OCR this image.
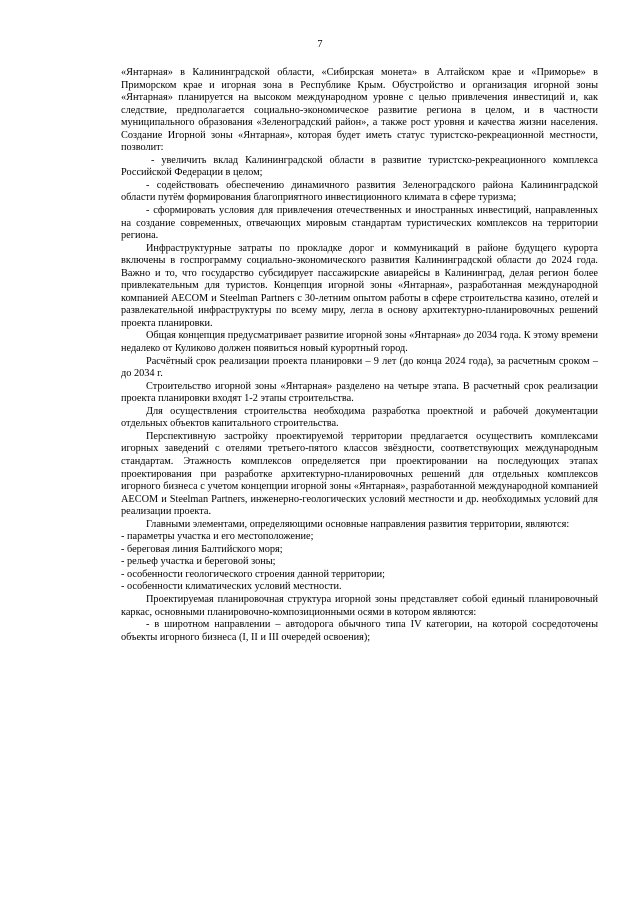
7

«Янтарная» в Калининградской области, «Сибирская монета» в Алтайском крае и «Приморье» в Приморском крае и игорная зона в Республике Крым. Обустройство и организация игорной зоны «Янтарная» планируется на высоком международном уровне с целью привлечения инвестиций и, как следствие, предполагается социально-экономическое развитие региона в целом, и в частности муниципального образования «Зеленоградский район», а также рост уровня и качества жизни населения. Создание Игорной зоны «Янтарная», которая будет иметь статус туристско-рекреационной местности, позволит:

- увеличить вклад Калининградской области в развитие туристско-рекреационного комплекса Российской Федерации в целом;

- содействовать обеспечению динамичного развития Зеленоградского района Калининградской области путём формирования благоприятного инвестиционного климата в сфере туризма;

- сформировать условия для привлечения отечественных и иностранных инвестиций, направленных на создание современных, отвечающих мировым стандартам туристических комплексов на территории региона.

Инфраструктурные затраты по прокладке дорог и коммуникаций в районе будущего курорта включены в госпрограмму социально-экономического развития Калининградской области до 2024 года. Важно и то, что государство субсидирует пассажирские авиарейсы в Калининград, делая регион более привлекательным для туристов. Концепция игорной зоны «Янтарная», разработанная международной компанией AECOM и Steelman Partners с 30-летним опытом работы в сфере строительства казино, отелей и развлекательной инфраструктуры по всему миру, легла в основу архитектурно-планировочных решений проекта планировки.

Общая концепция предусматривает развитие игорной зоны «Янтарная» до 2034 года. К этому времени недалеко от Куликово должен появиться новый курортный город.

Расчётный срок реализации проекта планировки – 9 лет (до конца 2024 года), за расчетным сроком – до 2034 г.

Строительство игорной зоны «Янтарная» разделено на четыре этапа. В расчетный срок реализации проекта планировки входят 1-2 этапы строительства.

Для осуществления строительства необходима разработка проектной и рабочей документации отдельных объектов капитального строительства.

Перспективную застройку проектируемой территории предлагается осуществить комплексами игорных заведений с отелями третьего-пятого классов звёздности, соответствующих международным стандартам. Этажность комплексов определяется при проектировании на последующих этапах проектирования при разработке архитектурно-планировочных решений для отдельных комплексов игорного бизнеса с учетом концепции игорной зоны «Янтарная», разработанной международной компанией AECOM и Steelman Partners, инженерно-геологических условий местности и др. необходимых условий для реализации проекта.

Главными элементами, определяющими основные направления развития территории, являются:

- параметры участка и его местоположение;
- береговая линия Балтийского моря;
- рельеф участка и береговой зоны;
- особенности геологического строения данной территории;
- особенности климатических условий местности.

Проектируемая планировочная структура игорной зоны представляет собой единый планировочный каркас, основными планировочно-композиционными осями в котором являются:

- в широтном направлении – автодорога обычного типа IV категории, на которой сосредоточены объекты игорного бизнеса (I, II и III очередей освоения);
